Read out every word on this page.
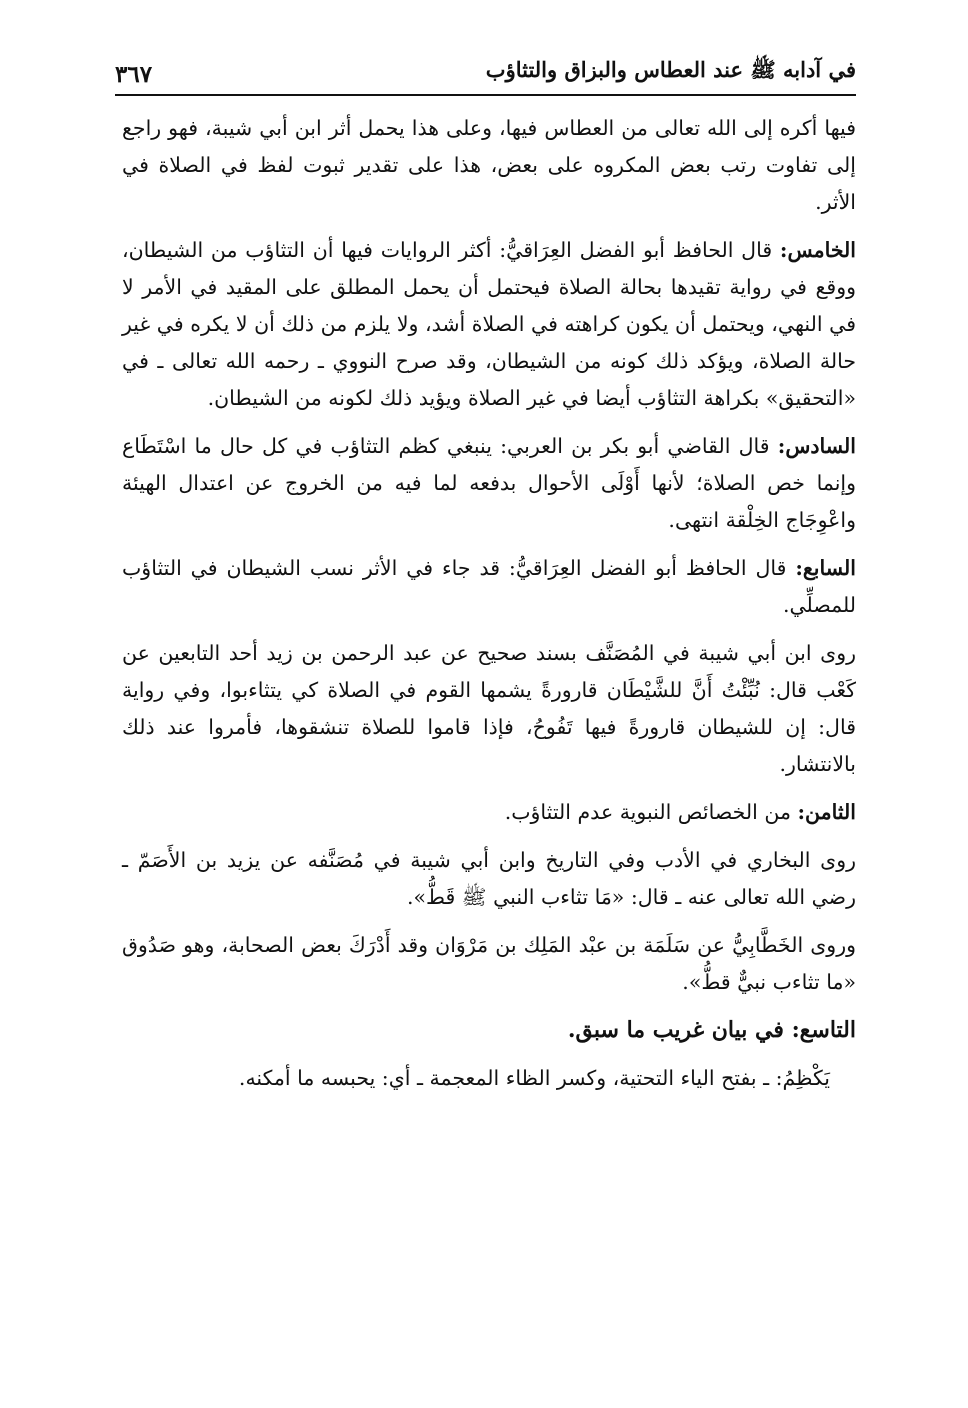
في آدابه ﷺ عند العطاس والبزاق والتثاؤب
٣٦٧

فيها أكره إلى الله تعالى من العطاس فيها، وعلى هذا يحمل أثر ابن أبي شيبة، فهو راجع إلى تفاوت رتب بعض المكروه على بعض، هذا على تقدير ثبوت لفظ في الصلاة في الأثر.

الخامس: قال الحافظ أبو الفضل العِرَاقيُّ: أكثر الروايات فيها أن التثاؤب من الشيطان، ووقع في رواية تقيدها بحالة الصلاة فيحتمل أن يحمل المطلق على المقيد في الأمر لا في النهي، ويحتمل أن يكون كراهته في الصلاة أشد، ولا يلزم من ذلك أن لا يكره في غير حالة الصلاة، ويؤكد ذلك كونه من الشيطان، وقد صرح النووي ـ رحمه الله تعالى ـ في «التحقيق» بكراهة التثاؤب أيضا في غير الصلاة ويؤيد ذلك لكونه من الشيطان.

السادس: قال القاضي أبو بكر بن العربي: ينبغي كظم التثاؤب في كل حال ما اسْتَطَاع وإنما خص الصلاة؛ لأنها أَوْلَى الأحوال بدفعه لما فيه من الخروج عن اعتدال الهيئة واعْوِجَاج الخِلْقة انتهى.

السابع: قال الحافظ أبو الفضل العِرَاقيُّ: قد جاء في الأثر نسب الشيطان في التثاؤب للمصلِّي.

روى ابن أبي شيبة في المُصَنَّف بسند صحيح عن عبد الرحمن بن زيد أحد التابعين عن كَعْب قال: نُبِّئْتُ أَنَّ للشَّيْطَان قارورةً يشمها القوم في الصلاة كي يتثاءبوا، وفي رواية قال: إن للشيطان قارورةً فيها تَفُوحُ، فإذا قاموا للصلاة تنشقوها، فأمروا عند ذلك بالانتشار.

الثامن: من الخصائص النبوية عدم التثاؤب.

روى البخاري في الأدب وفي التاريخ وابن أبي شيبة في مُصَنَّفه عن يزيد بن الأَصَمّ ـ رضي الله تعالى عنه ـ قال: «مَا تثاءب النبي ﷺ قَطُّ».

وروى الخَطَّابِيُّ عن سَلَمَة بن عبْد المَلِك بن مَرْوَان وقد أَدْرَكَ بعض الصحابة، وهو صَدُوق «ما تثاءب نبيٌّ قطُّ».

التاسع: في بيان غريب ما سبق.

يَكْظِمُ: ـ بفتح الياء التحتية، وكسر الظاء المعجمة ـ أي: يحبسه ما أمكنه.
